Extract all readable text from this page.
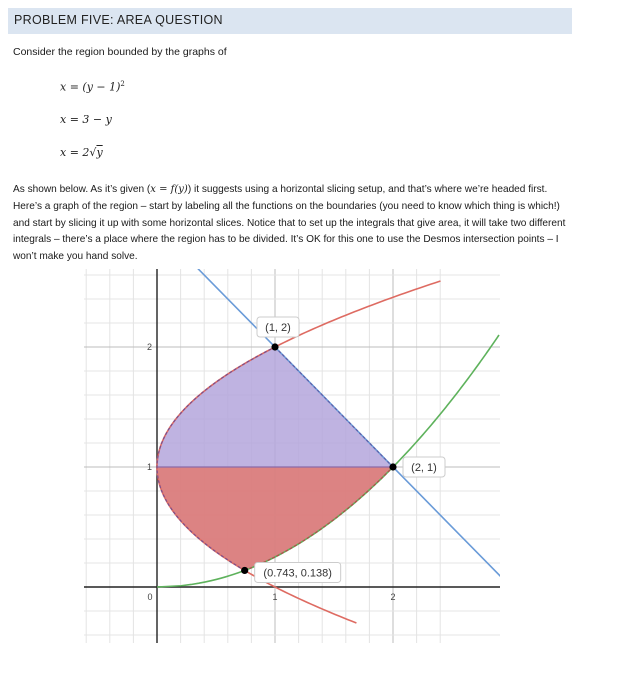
PROBLEM FIVE: AREA QUESTION
Consider the region bounded by the graphs of
$x = (y - 1)^2$
x = 3 − y
x = 2√y
As shown below. As it’s given (x = f(y)) it suggests using a horizontal slicing setup, and that’s where we’re headed first. Here’s a graph of the region – start by labeling all the functions on the boundaries (you need to know which thing is which!) and start by slicing it up with some horizontal slices. Notice that to set up the integrals that give area, it will take two different integrals – there’s a place where the region has to be divided. It’s OK for this one to use the Desmos intersection points – I won’t make you hand solve.
0	1	2
1
2
(1, 2)
(2, 1)
(0.743, 0.138)
